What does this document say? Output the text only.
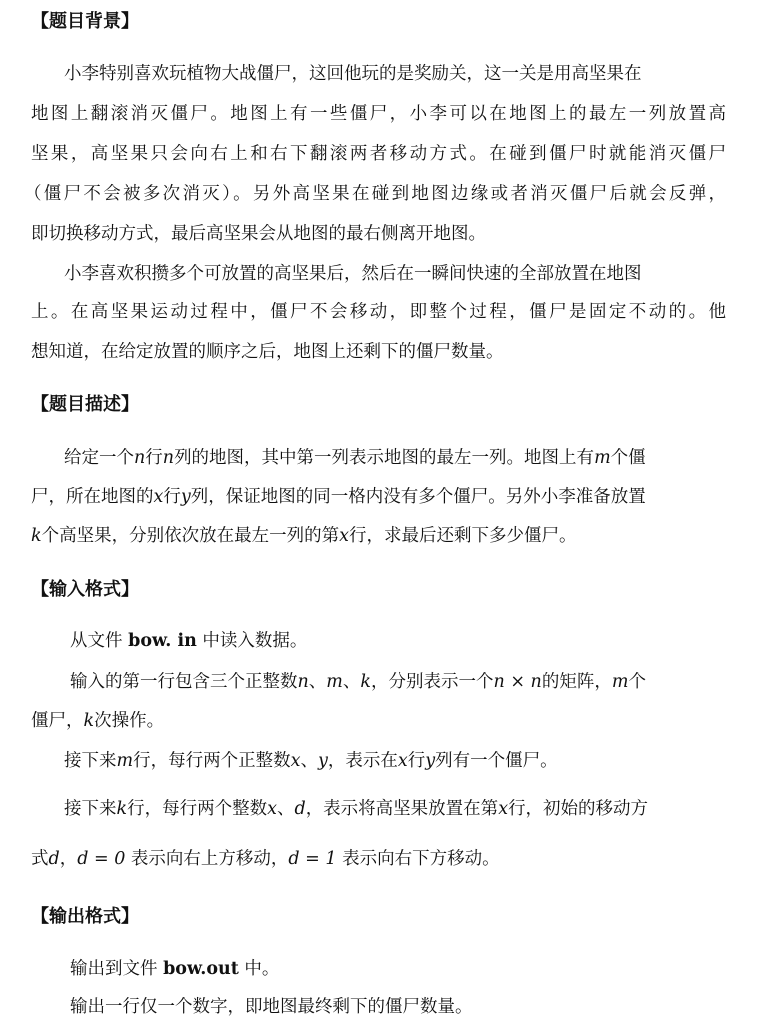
【题目背景】
小李特别喜欢玩植物大战僵尸，这回他玩的是奖励关，这一关是用高坚果在
地图上翻滚消灭僵尸。地图上有一些僵尸，小李可以在地图上的最左一列放置高
坚果，高坚果只会向右上和右下翻滚两者移动方式。在碰到僵尸时就能消灭僵尸
（僵尸不会被多次消灭）。另外高坚果在碰到地图边缘或者消灭僵尸后就会反弹，
即切换移动方式，最后高坚果会从地图的最右侧离开地图。
小李喜欢积攒多个可放置的高坚果后，然后在一瞬间快速的全部放置在地图
上。在高坚果运动过程中，僵尸不会移动，即整个过程，僵尸是固定不动的。他
想知道，在给定放置的顺序之后，地图上还剩下的僵尸数量。
【题目描述】
给定一个n行n列的地图，其中第一列表示地图的最左一列。地图上有m个僵
尸，所在地图的x行y列，保证地图的同一格内没有多个僵尸。另外小李准备放置
k个高坚果，分别依次放在最左一列的第x行，求最后还剩下多少僵尸。
【输入格式】
从文件 bow. in 中读入数据。
输入的第一行包含三个正整数n、m、k，分别表示一个n × n的矩阵，m个
僵尸，k次操作。
接下来m行，每行两个正整数x、y，表示在x行y列有一个僵尸。
接下来k行，每行两个整数x、d，表示将高坚果放置在第x行，初始的移动方
式d，d = 0 表示向右上方移动，d = 1 表示向右下方移动。
【输出格式】
输出到文件 bow.out 中。
输出一行仅一个数字，即地图最终剩下的僵尸数量。
